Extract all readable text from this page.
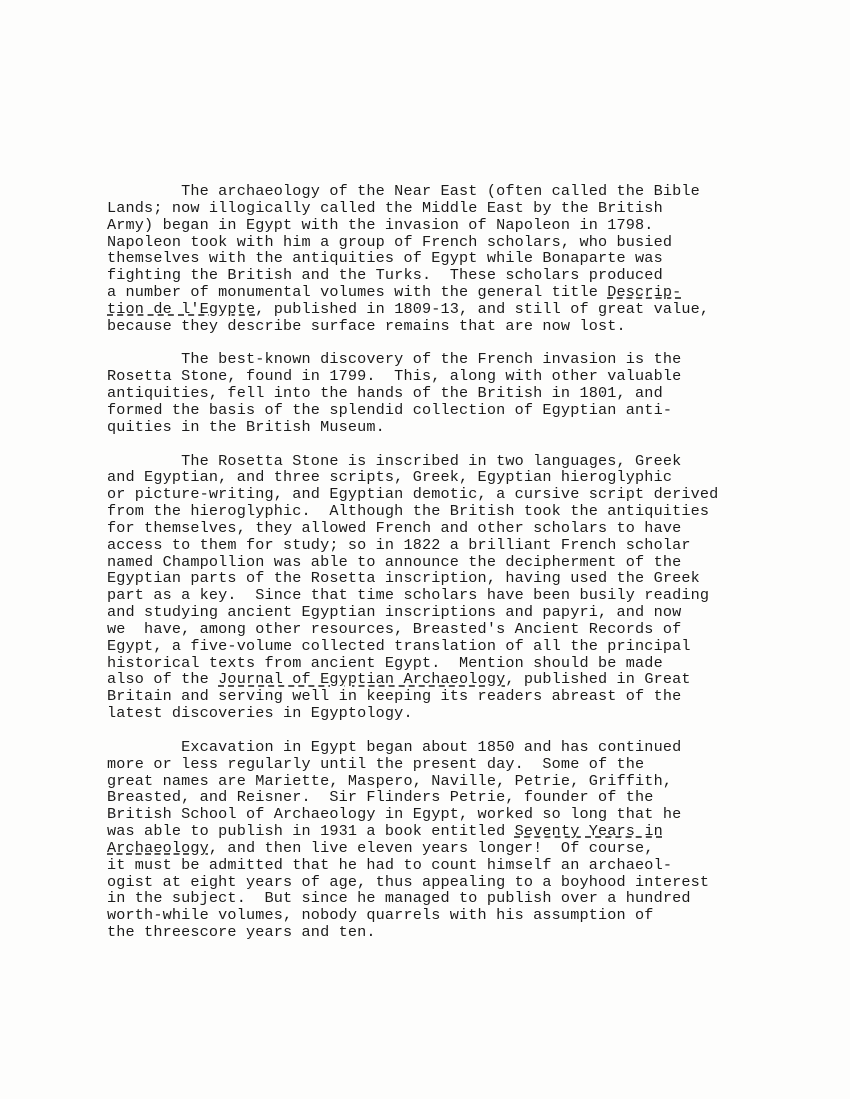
The archaeology of the Near East (often called the Bible
Lands; now illogically called the Middle East by the British
Army) began in Egypt with the invasion of Napoleon in 1798.
Napoleon took with him a group of French scholars, who busied
themselves with the antiquities of Egypt while Bonaparte was
fighting the British and the Turks.  These scholars produced
a number of monumental volumes with the general title Descrip-
tion de l'Egypte, published in 1809-13, and still of great value,
because they describe surface remains that are now lost.
The best-known discovery of the French invasion is the
Rosetta Stone, found in 1799.  This, along with other valuable
antiquities, fell into the hands of the British in 1801, and
formed the basis of the splendid collection of Egyptian anti-
quities in the British Museum.
The Rosetta Stone is inscribed in two languages, Greek
and Egyptian, and three scripts, Greek, Egyptian hieroglyphic
or picture-writing, and Egyptian demotic, a cursive script derived
from the hieroglyphic.  Although the British took the antiquities
for themselves, they allowed French and other scholars to have
access to them for study; so in 1822 a brilliant French scholar
named Champollion was able to announce the decipherment of the
Egyptian parts of the Rosetta inscription, having used the Greek
part as a key.  Since that time scholars have been busily reading
and studying ancient Egyptian inscriptions and papyri, and now
we  have, among other resources, Breasted's Ancient Records of
Egypt, a five-volume collected translation of all the principal
historical texts from ancient Egypt.  Mention should be made
also of the Journal of Egyptian Archaeology, published in Great
Britain and serving well in keeping its readers abreast of the
latest discoveries in Egyptology.
Excavation in Egypt began about 1850 and has continued
more or less regularly until the present day.  Some of the
great names are Mariette, Maspero, Naville, Petrie, Griffith,
Breasted, and Reisner.  Sir Flinders Petrie, founder of the
British School of Archaeology in Egypt, worked so long that he
was able to publish in 1931 a book entitled Seventy Years in
Archaeology, and then live eleven years longer!  Of course,
it must be admitted that he had to count himself an archaeol-
ogist at eight years of age, thus appealing to a boyhood interest
in the subject.  But since he managed to publish over a hundred
worth-while volumes, nobody quarrels with his assumption of
the threescore years and ten.
